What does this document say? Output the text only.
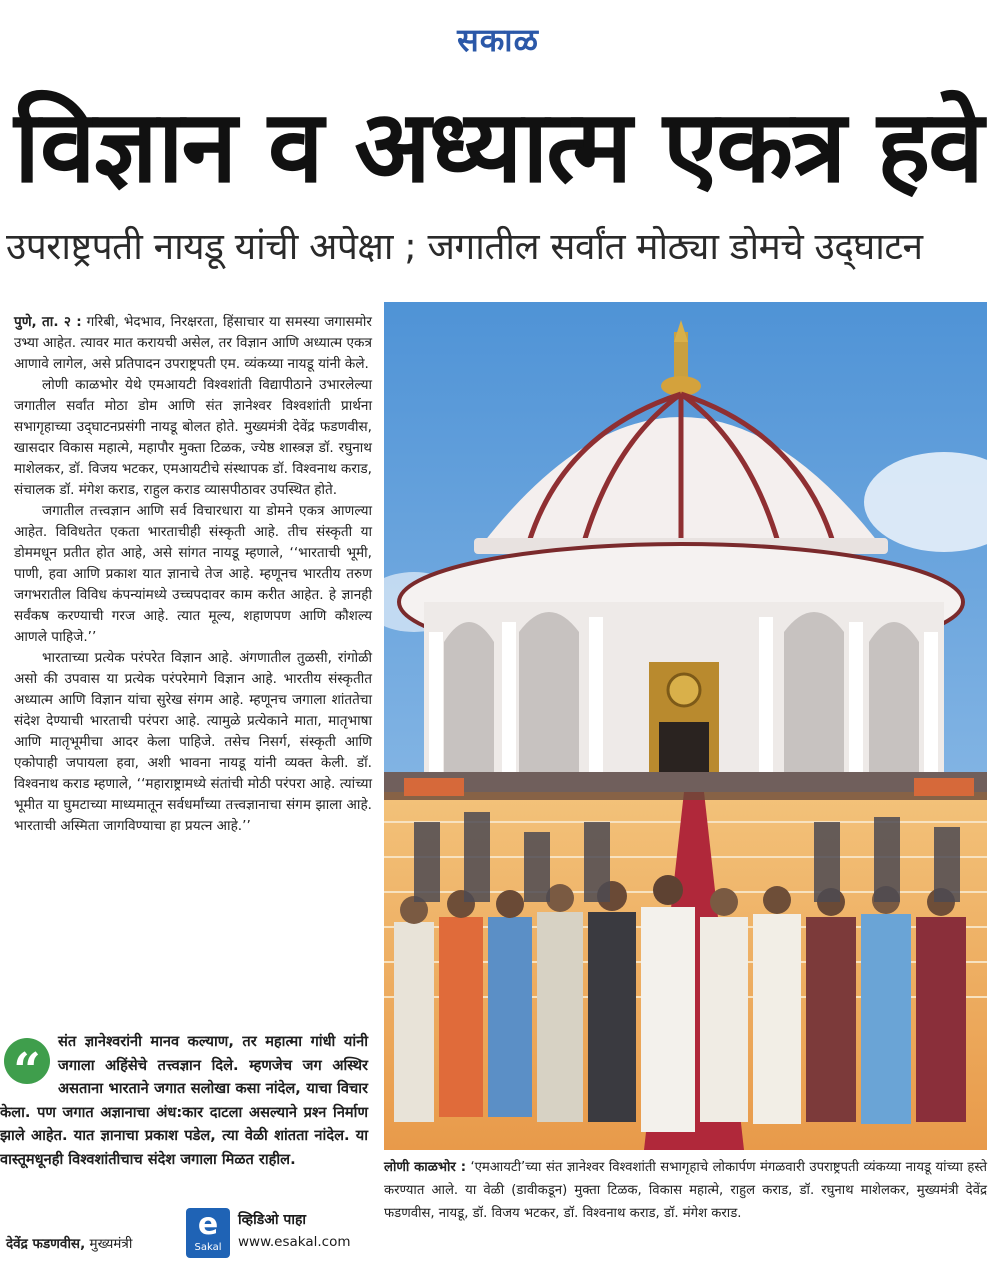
सकाळ
विज्ञान व अध्यात्म एकत्र हवे
उपराष्ट्रपती नायडू यांची अपेक्षा ; जगातील सर्वांत मोठ्या डोमचे उद्‌घाटन

पुणे, ता. २ : गरिबी, भेदभाव, निरक्षरता, हिंसाचार या समस्या जगासमोर उभ्या आहेत. त्यावर मात करायची असेल, तर विज्ञान आणि अध्यात्म एकत्र आणावे लागेल, असे प्रतिपादन उपराष्ट्रपती एम. व्यंकय्या नायडू यांनी केले.

लोणी काळभोर येथे एमआयटी विश्‍वशांती विद्यापीठाने उभारलेल्या जगातील सर्वांत मोठा डोम आणि संत ज्ञानेश्‍वर विश्‍वशांती प्रार्थना सभागृहाच्या उद्‌घाटनप्रसंगी नायडू बोलत होते. मुख्यमंत्री देवेंद्र फडणवीस, खासदार विकास महात्मे, महापौर मुक्ता टिळक, ज्येष्ठ शास्त्रज्ञ डॉ. रघुनाथ माशेलकर, डॉ. विजय भटकर, एमआयटीचे संस्थापक डॉ. विश्‍वनाथ कराड, संचालक डॉ. मंगेश कराड, राहुल कराड व्यासपीठावर उपस्थित होते.

जगातील तत्त्वज्ञान आणि सर्व विचारधारा या डोमने एकत्र आणल्या आहेत. विविधतेत एकता भारताचीही संस्कृती आहे. तीच संस्कृती या डोममधून प्रतीत होत आहे, असे सांगत नायडू म्हणाले, ‘‘भारताची भूमी, पाणी, हवा आणि प्रकाश यात ज्ञानाचे तेज आहे. म्हणूनच भारतीय तरुण जगभरातील विविध कंपन्यांमध्ये उच्चपदावर काम करीत आहेत. हे ज्ञानही सर्वंकष करण्याची गरज आहे. त्यात मूल्य, शहाणपण आणि कौशल्य आणले पाहिजे.’’

भारताच्या प्रत्येक परंपरेत विज्ञान आहे. अंगणातील तुळसी, रांगोळी असो की उपवास या प्रत्येक परंपरेमागे विज्ञान आहे. भारतीय संस्कृतीत अध्यात्म आणि विज्ञान यांचा सुरेख संगम आहे. म्हणूनच जगाला शांततेचा संदेश देण्याची भारताची परंपरा आहे. त्यामुळे प्रत्येकाने माता, मातृभाषा आणि मातृभूमीचा आदर केला पाहिजे. तसेच निसर्ग, संस्कृती आणि एकोपाही जपायला हवा, अशी भावना नायडू यांनी व्यक्त केली. डॉ. विश्‍वनाथ कराड म्हणाले, ‘‘महाराष्ट्रामध्ये संतांची मोठी परंपरा आहे. त्यांच्या भूमीत या घुमटाच्या माध्यमातून सर्वधर्मांच्या तत्त्वज्ञानाचा संगम झाला आहे. भारताची अस्मिता जागविण्याचा हा प्रयत्न आहे.’’

लोणी काळभोर : ‘एमआयटी’च्या संत ज्ञानेश्‍वर विश्‍वशांती सभागृहाचे लोकार्पण मंगळवारी उपराष्ट्रपती व्यंकय्या नायडू यांच्या हस्ते करण्यात आले. या वेळी (डावीकडून) मुक्ता टिळक, विकास महात्मे, राहुल कराड, डॉ. रघुनाथ माशेलकर, मुख्यमंत्री देवेंद्र फडणवीस, नायडू, डॉ. विजय भटकर, डॉ. विश्‍वनाथ कराड, डॉ. मंगेश कराड.
संत ज्ञानेश्‍वरांनी मानव कल्याण, तर महात्मा गांधी यांनी जगाला अहिंसेचे तत्त्वज्ञान दिले. म्हणजेच जग अस्थिर असताना भारताने जगात सलोखा कसा नांदेल, याचा विचार केला. पण जगात अज्ञानाचा अंध:कार दाटला असल्याने प्रश्‍न निर्माण झाले आहेत. यात ज्ञानाचा प्रकाश पडेल, त्या वेळी शांतता नांदेल. या वास्तूमधूनही विश्‍वशांतीचाच संदेश जगाला मिळत राहील.
“
देवेंद्र फडणवीस, मुख्यमंत्री
e
Sakal
व्हिडिओ पाहा
www.esakal.com
